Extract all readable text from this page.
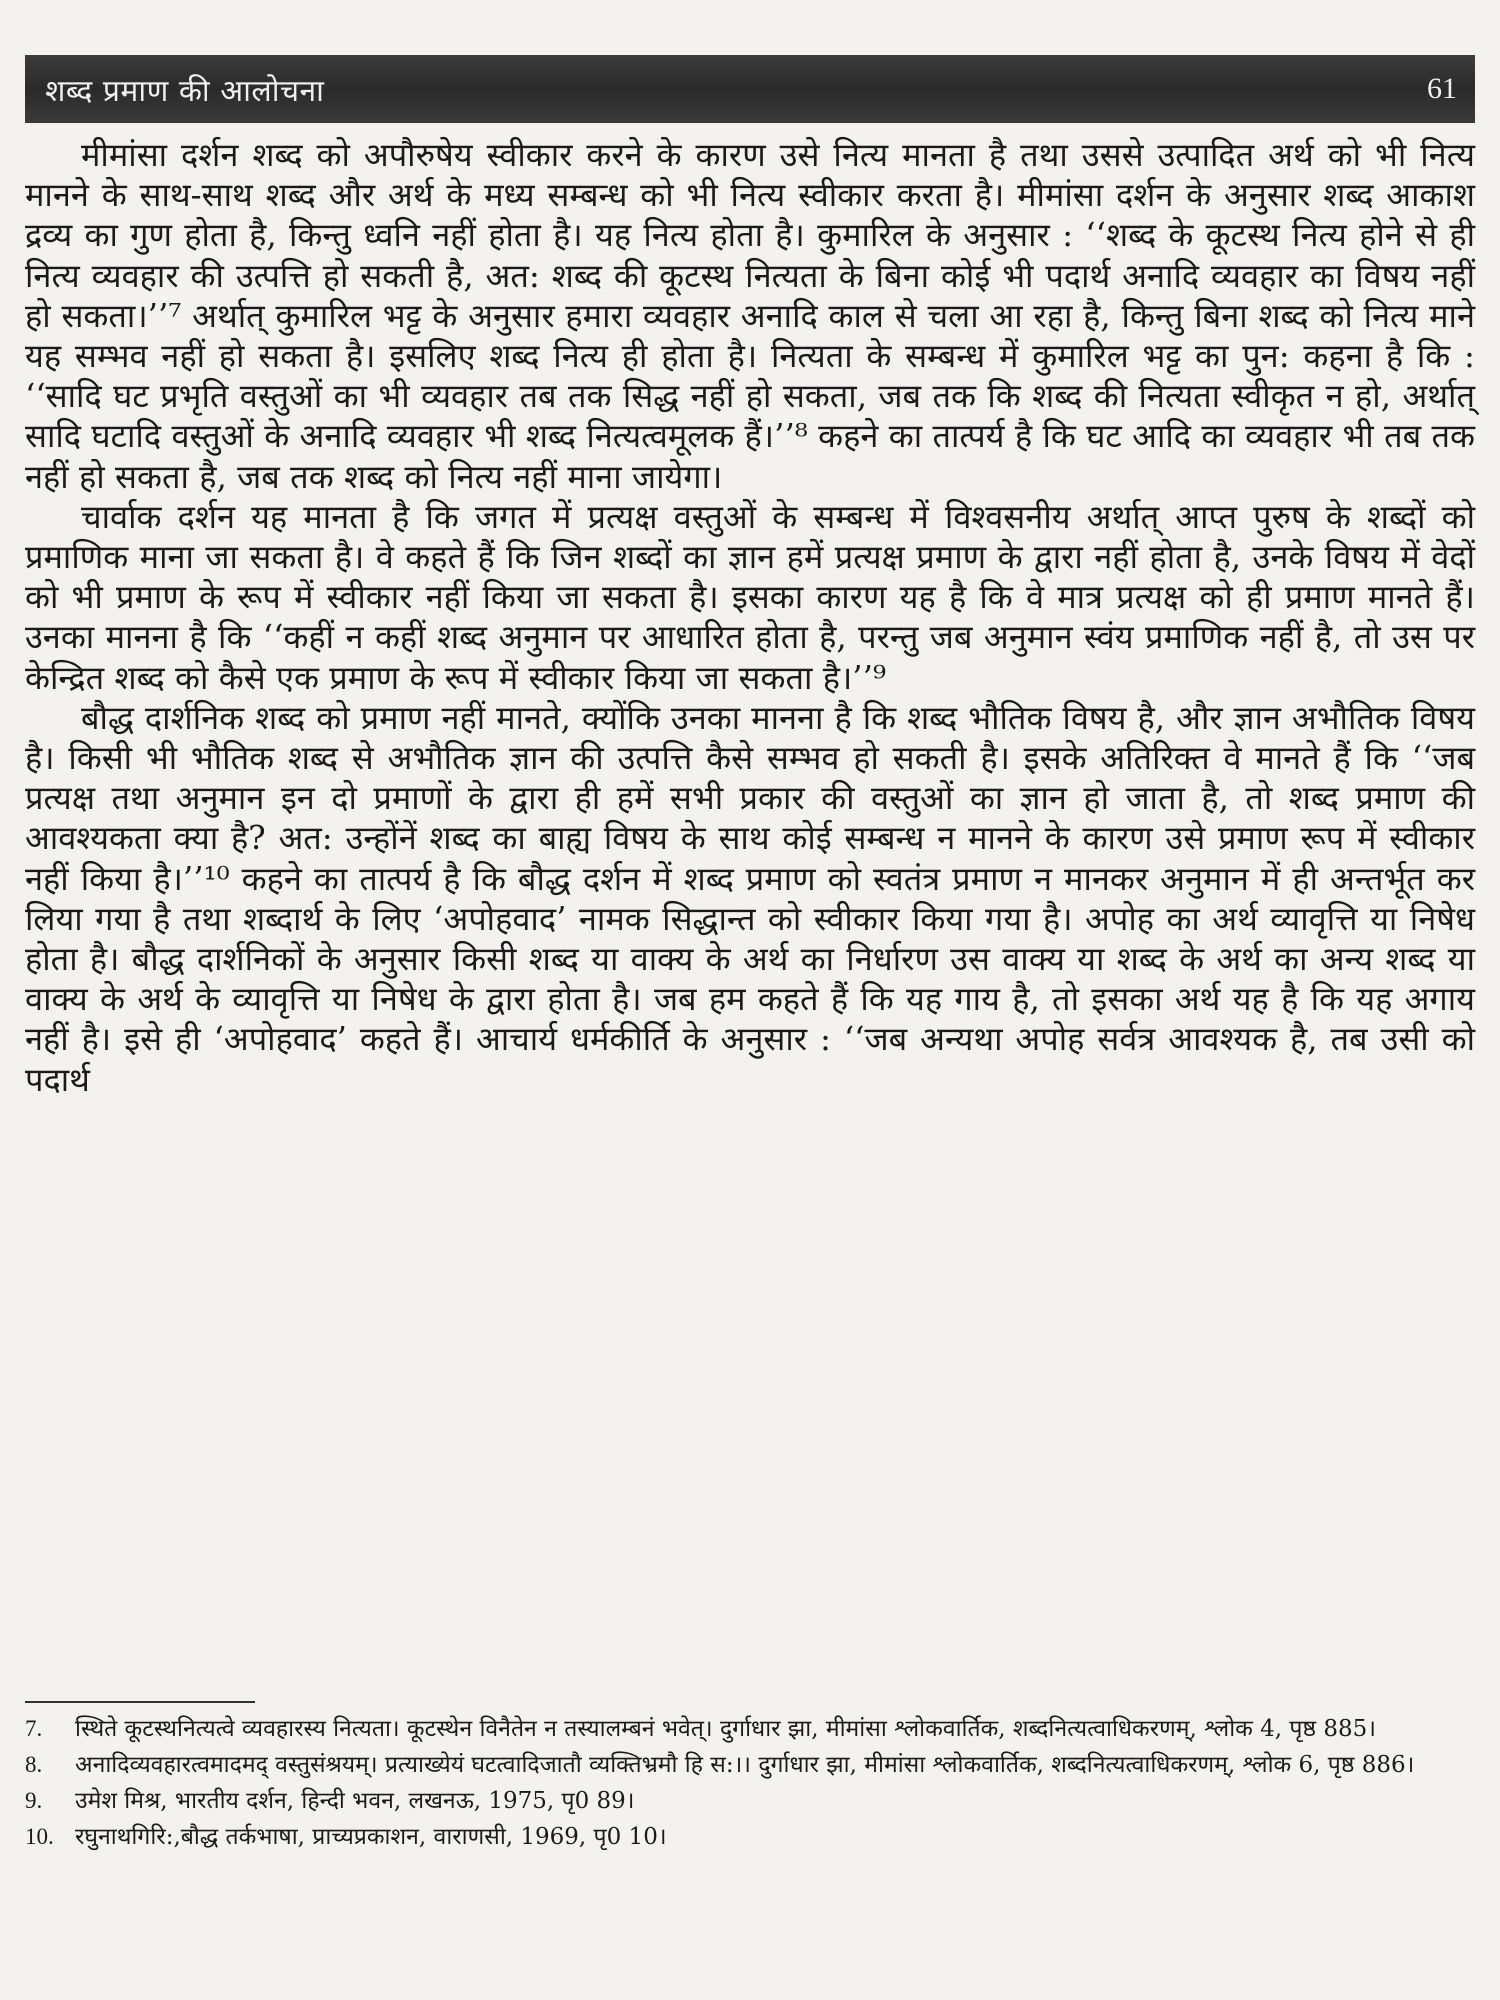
शब्द प्रमाण की आलोचना	61

मीमांसा दर्शन शब्द को अपौरुषेय स्वीकार करने के कारण उसे नित्य मानता है तथा उससे उत्पादित अर्थ को भी नित्य मानने के साथ-साथ शब्द और अर्थ के मध्य सम्बन्ध को भी नित्य स्वीकार करता है। मीमांसा दर्शन के अनुसार शब्द आकाश द्रव्य का गुण होता है, किन्तु ध्वनि नहीं होता है। यह नित्य होता है। कुमारिल के अनुसार : ‘‘शब्द के कूटस्थ नित्य होने से ही नित्य व्यवहार की उत्पत्ति हो सकती है, अत: शब्द की कूटस्थ नित्यता के बिना कोई भी पदार्थ अनादि व्यवहार का विषय नहीं हो सकता।’’⁷ अर्थात् कुमारिल भट्ट के अनुसार हमारा व्यवहार अनादि काल से चला आ रहा है, किन्तु बिना शब्द को नित्य माने यह सम्भव नहीं हो सकता है। इसलिए शब्द नित्य ही होता है। नित्यता के सम्बन्ध में कुमारिल भट्ट का पुन: कहना है कि : ‘‘सादि घट प्रभृति वस्तुओं का भी व्यवहार तब तक सिद्ध नहीं हो सकता, जब तक कि शब्द की नित्यता स्वीकृत न हो, अर्थात् सादि घटादि वस्तुओं के अनादि व्यवहार भी शब्द नित्यत्वमूलक हैं।’’⁸ कहने का तात्पर्य है कि घट आदि का व्यवहार भी तब तक नहीं हो सकता है, जब तक शब्द को नित्य नहीं माना जायेगा।

चार्वाक दर्शन यह मानता है कि जगत में प्रत्यक्ष वस्तुओं के सम्बन्ध में विश्वसनीय अर्थात् आप्त पुरुष के शब्दों को प्रमाणिक माना जा सकता है। वे कहते हैं कि जिन शब्दों का ज्ञान हमें प्रत्यक्ष प्रमाण के द्वारा नहीं होता है, उनके विषय में वेदों को भी प्रमाण के रूप में स्वीकार नहीं किया जा सकता है। इसका कारण यह है कि वे मात्र प्रत्यक्ष को ही प्रमाण मानते हैं। उनका मानना है कि ‘‘कहीं न कहीं शब्द अनुमान पर आधारित होता है, परन्तु जब अनुमान स्वंय प्रमाणिक नहीं है, तो उस पर केन्द्रित शब्द को कैसे एक प्रमाण के रूप में स्वीकार किया जा सकता है।’’⁹

बौद्ध दार्शनिक शब्द को प्रमाण नहीं मानते, क्योंकि उनका मानना है कि शब्द भौतिक विषय है, और ज्ञान अभौतिक विषय है। किसी भी भौतिक शब्द से अभौतिक ज्ञान की उत्पत्ति कैसे सम्भव हो सकती है। इसके अतिरिक्त वे मानते हैं कि ‘‘जब प्रत्यक्ष तथा अनुमान इन दो प्रमाणों के द्वारा ही हमें सभी प्रकार की वस्तुओं का ज्ञान हो जाता है, तो शब्द प्रमाण की आवश्यकता क्या है? अत: उन्होंनें शब्द का बाह्य विषय के साथ कोई सम्बन्ध न मानने के कारण उसे प्रमाण रूप में स्वीकार नहीं किया है।’’¹⁰ कहने का तात्पर्य है कि बौद्ध दर्शन में शब्द प्रमाण को स्वतंत्र प्रमाण न मानकर अनुमान में ही अन्तर्भूत कर लिया गया है तथा शब्दार्थ के लिए ‘अपोहवाद’ नामक सिद्धान्त को स्वीकार किया गया है। अपोह का अर्थ व्यावृत्ति या निषेध होता है। बौद्ध दार्शनिकों के अनुसार किसी शब्द या वाक्य के अर्थ का निर्धारण उस वाक्य या शब्द के अर्थ का अन्य शब्द या वाक्य के अर्थ के व्यावृत्ति या निषेध के द्वारा होता है। जब हम कहते हैं कि यह गाय है, तो इसका अर्थ यह है कि यह अगाय नहीं है। इसे ही ‘अपोहवाद’ कहते हैं। आचार्य धर्मकीर्ति के अनुसार : ‘‘जब अन्यथा अपोह सर्वत्र आवश्यक है, तब उसी को पदार्थ

7.	स्थिते कूटस्थनित्यत्वे व्यवहारस्य नित्यता। कूटस्थेन विनैतेन न तस्यालम्बनं भवेत्। दुर्गाधार झा, मीमांसा श्लोकवार्तिक, शब्दनित्यत्वाधिकरणम्, श्लोक 4, पृष्ठ 885।
8.	अनादिव्यवहारत्वमादमद् वस्तुसंश्रयम्। प्रत्याख्येयं घटत्वादिजातौ व्यक्तिभ्रमौ हि स:।। दुर्गाधार झा, मीमांसा श्लोकवार्तिक, शब्दनित्यत्वाधिकरणम्, श्लोक 6, पृष्ठ 886।
9.	उमेश मिश्र, भारतीय दर्शन, हिन्दी भवन, लखनऊ, 1975, पृ0 89।
10. रघुनाथगिरि:,बौद्ध तर्कभाषा, प्राच्यप्रकाशन, वाराणसी, 1969, पृ0 10।
